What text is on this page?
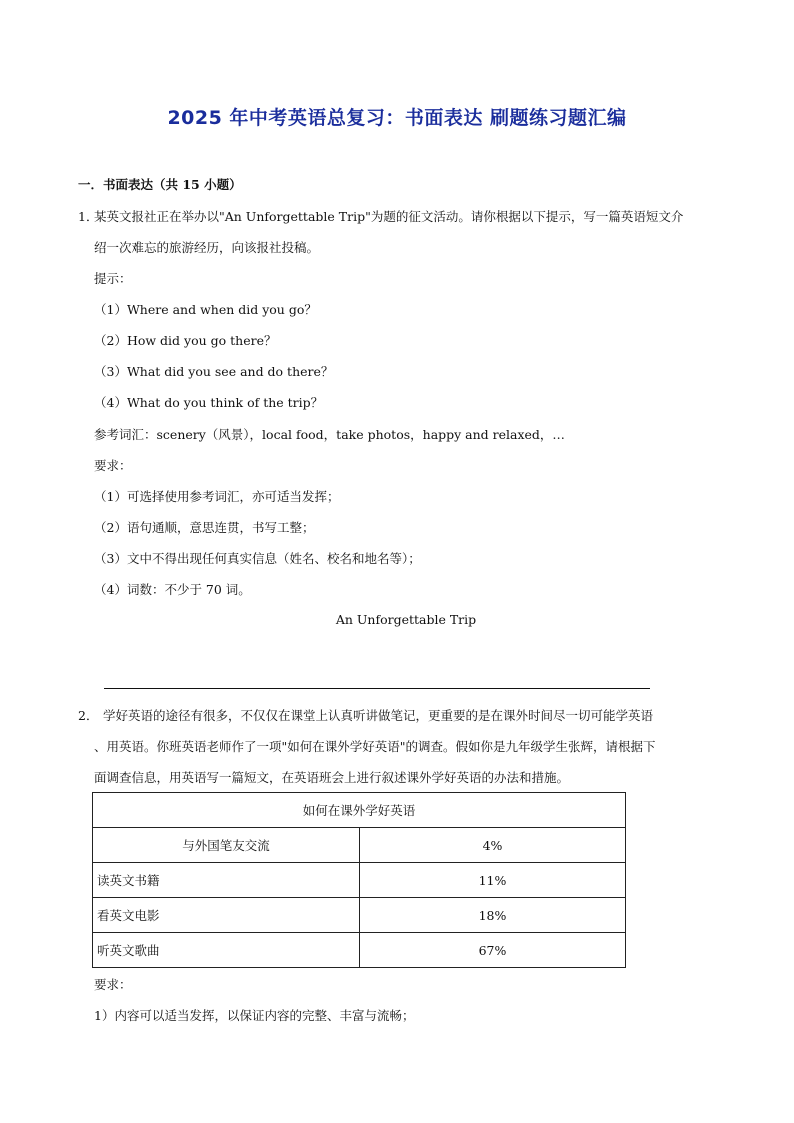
2025 年中考英语总复习：书面表达 刷题练习题汇编
一．书面表达（共 15 小题）
1．
某英文报社正在举办以"An Unforgettable Trip"为题的征文活动。请你根据以下提示，写一篇英语短文介
绍一次难忘的旅游经历，向该报社投稿。
提示：
（1）Where and when did you go？
（2）How did you go there？
（3）What did you see and do there？
（4）What do you think of the trip？
参考词汇：scenery（风景），local food，take photos，happy and relaxed，…
要求：
（1）可选择使用参考词汇，亦可适当发挥；
（2）语句通顺，意思连贯，书写工整；
（3）文中不得出现任何真实信息（姓名、校名和地名等）；
（4）词数：不少于 70 词。
An Unforgettable Trip
2． 学好英语的途径有很多，不仅仅在课堂上认真听讲做笔记，更重要的是在课外时间尽一切可能学英语
、用英语。你班英语老师作了一项"如何在课外学好英语"的调查。假如你是九年级学生张辉，请根据下
面调查信息，用英语写一篇短文，在英语班会上进行叙述课外学好英语的办法和措施。
如何在课外学好英语	
与外国笔友交流	4%
读英文书籍	11%
看英文电影	18%
听英文歌曲	67%
要求：
1）内容可以适当发挥，以保证内容的完整、丰富与流畅；
